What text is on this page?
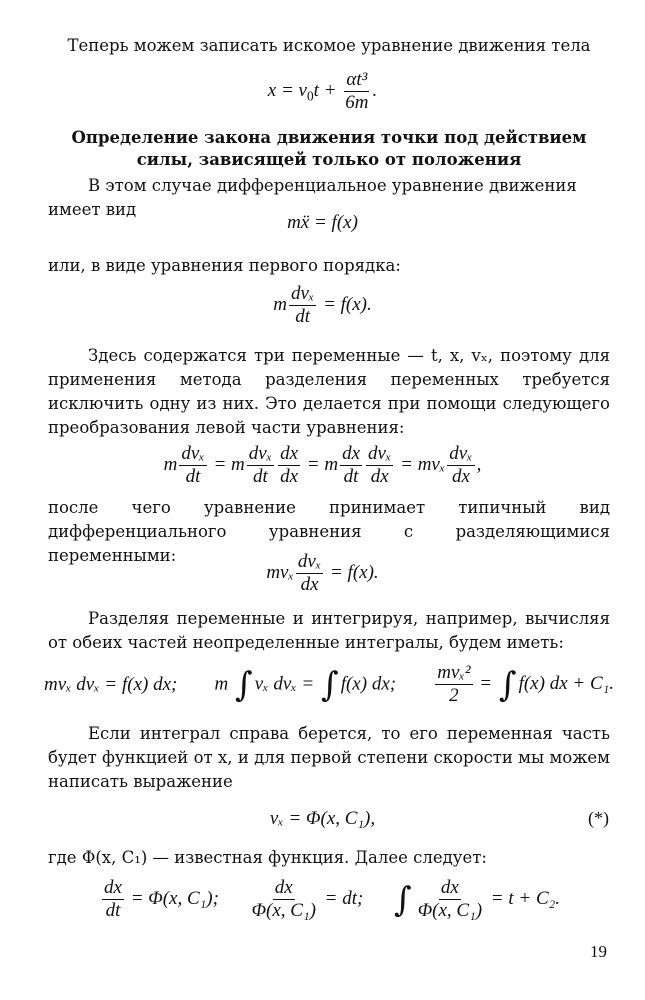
Теперь можем записать искомое уравнение движения тела
$x = v_0t + \frac{\text{αt³}}{6m}$ .
Определение закона движения точки под действием
силы, зависящей только от положения
В этом случае дифференциальное уравнение движения имеет вид
mẍ = f(x)
или, в виде уравнения первого порядка:
m $\frac{\text{dvₓ}}{dt} = f(x)$.
Здесь содержатся три переменные — t, x, vₓ, поэтому для применения метода разделения переменных требуется исключить одну из них. Это делается при помощи следующего преобразования левой части уравнения:
m $\frac{\text{dvₓ}}{dt} = m \frac{\text{dvₓ}}{dt} \frac{dx}{dx} = m \frac{dx}{dt} \frac{\text{dvₓ}}{dx} = mv_x \frac{\text{dvₓ}}{dx}$ ,
после чего уравнение принимает типичный вид дифференциального уравнения с разделяющимися переменными:
mvₓ $\frac{\text{dvₓ}}{dx} = f(x)$.
Разделяя переменные и интегрируя, например, вычисляя от обеих частей неопределенные интегралы, будем иметь:
mvₓ dvₓ = f(x) dx; m ∫ vₓ dvₓ = ∫ f(x) dx; $\frac{\text{mvₓ²}}{2}$ = ∫ f(x) dx + C₁.
Если интеграл справа берется, то его переменная часть будет функцией от x, и для первой степени скорости мы можем написать выражение
vₓ = Φ(x, C₁),	(*)
где Φ(x, C₁) — известная функция. Далее следует:
$\frac{dx}{dt} = \Phi(x$, C₁); $\frac{dx}{\text{Φ(x, C₁)}}$ = dt; ∫ $\frac{dx}{\text{Φ(x, C₁)}} = t + C_2$.
19
